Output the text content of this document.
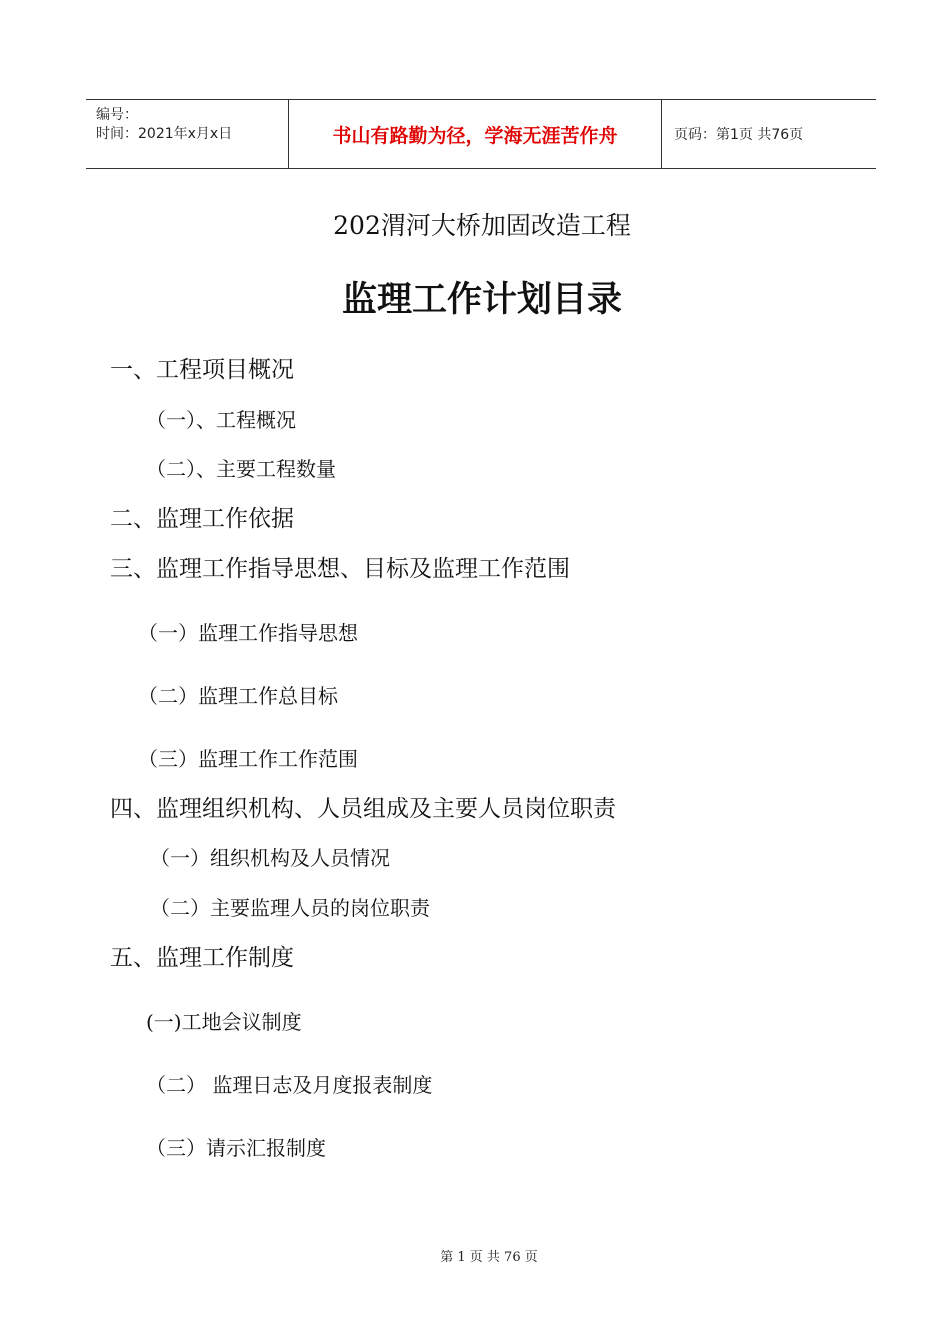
编号：
时间：2021年x月x日	书山有路勤为径，学海无涯苦作舟	页码：第1页 共76页
202渭河大桥加固改造工程
监理工作计划目录
一、工程项目概况
（一）、工程概况
（二）、主要工程数量
二、监理工作依据
三、监理工作指导思想、目标及监理工作范围
（一）监理工作指导思想
（二）监理工作总目标
（三）监理工作工作范围
四、监理组织机构、人员组成及主要人员岗位职责
（一）组织机构及人员情况
（二）主要监理人员的岗位职责
五、监理工作制度
(一)工地会议制度
（二） 监理日志及月度报表制度
（三）请示汇报制度
第 1 页 共 76 页
